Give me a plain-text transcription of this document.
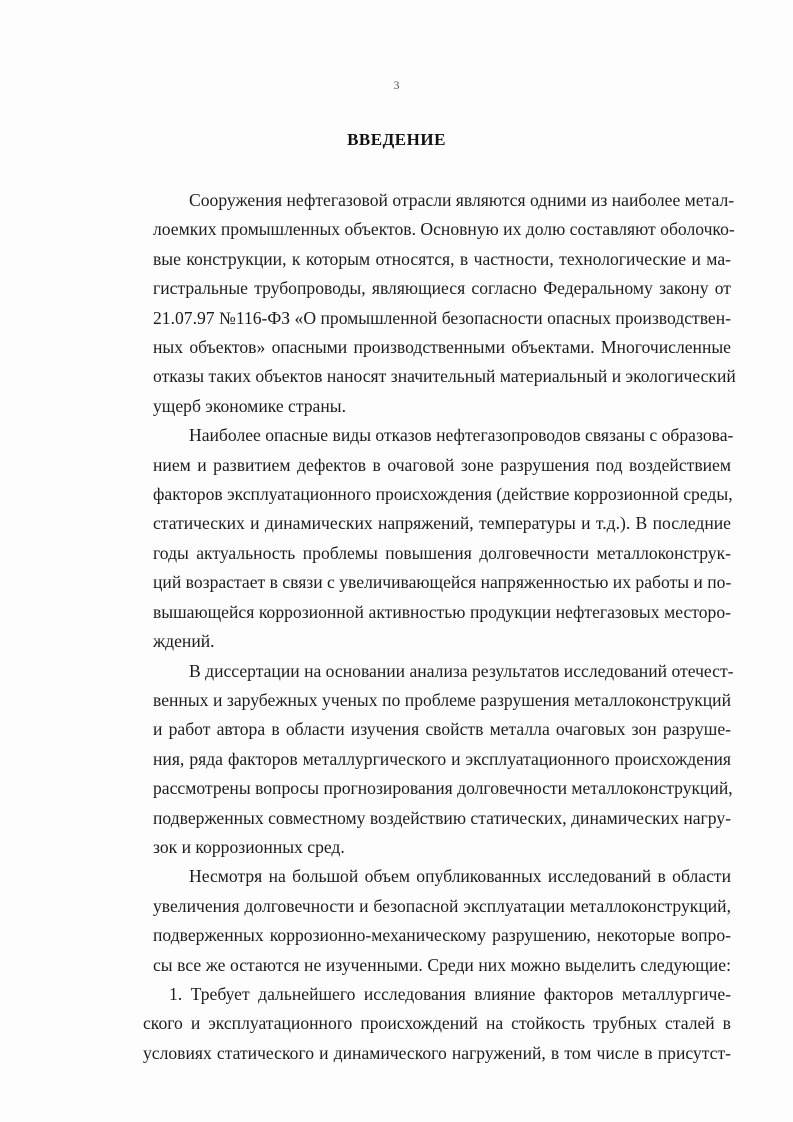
3
ВВЕДЕНИЕ

Сооружения нефтегазовой отрасли являются одними из наиболее метал-
лоемких промышленных объектов. Основную их долю составляют оболочко-
вые конструкции, к которым относятся, в частности, технологические и ма-
гистральные трубопроводы, являющиеся согласно Федеральному закону от
21.07.97 №116-ФЗ «О промышленной безопасности опасных производствен-
ных объектов» опасными производственными объектами. Многочисленные
отказы таких объектов наносят значительный материальный и экологический
ущерб экономике страны.

Наиболее опасные виды отказов нефтегазопроводов связаны с образова-
нием и развитием дефектов в очаговой зоне разрушения под воздействием
факторов эксплуатационного происхождения (действие коррозионной среды,
статических и динамических напряжений, температуры и т.д.). В последние
годы актуальность проблемы повышения долговечности металлоконструк-
ций возрастает в связи с увеличивающейся напряженностью их работы и по-
вышающейся коррозионной активностью продукции нефтегазовых месторо-
ждений.

В диссертации на основании анализа результатов исследований отечест-
венных и зарубежных ученых по проблеме разрушения металлоконструкций
и работ автора в области изучения свойств металла очаговых зон разруше-
ния, ряда факторов металлургического и эксплуатационного происхождения
рассмотрены вопросы прогнозирования долговечности металлоконструкций,
подверженных совместному воздействию статических, динамических нагру-
зок и коррозионных сред.

Несмотря на большой объем опубликованных исследований в области
увеличения долговечности и безопасной эксплуатации металлоконструкций,
подверженных коррозионно-механическому разрушению, некоторые вопро-
сы все же остаются не изученными. Среди них можно выделить следующие:

1. Требует дальнейшего исследования влияние факторов металлургиче-
ского и эксплуатационного происхождений на стойкость трубных сталей в
условиях статического и динамического нагружений, в том числе в присутст-
